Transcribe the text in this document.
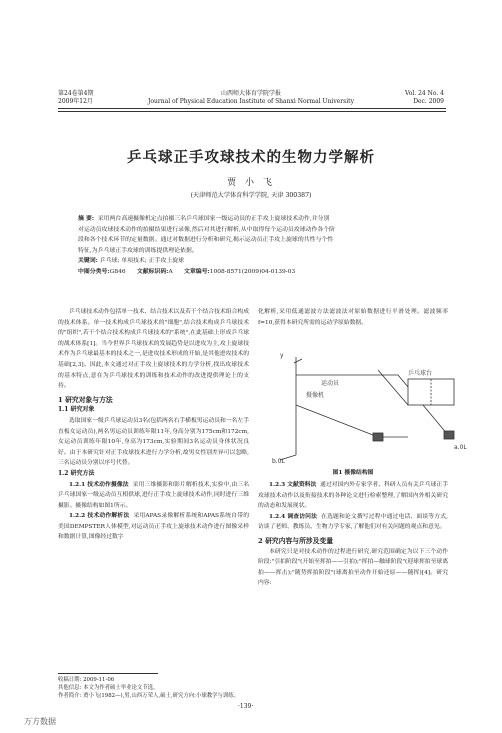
第24卷第4期
2009年12月
山西师大体育学院学报
Journal of Physical Education Institute of Shanxi Normal University
Vol. 24 No. 4
Dec. 2009
乒乓球正手攻球技术的生物力学解析
贾 小 飞
(天津师范大学体育科学学院, 天津 300387)
摘 要: 采用两台高速摄像机定点拍摄三名乒乓球国家一级运动员的正手攻上旋球技术动作,并分别
对运动员攻球技术动作的拍摄结果进行录像,然后对其进行解析,从中取得每个运动员攻球动作各个阶
段和各个技术环节的定量数据。通过对数据进行分析和研究,揭示运动员正手攻上旋球的共性与个性
特征,为乒乓球正手攻球的训练提供理论依据。
关键词: 乒乓球; 单项技术; 正手攻上旋球
中图分类号:G846 文献标识码:A 文章编号:1008-8571(2009)04-0139-03

乒乓球技术动作包括单一技术、结合技术以及若干个结合技术组合构成的技术体系。单一技术构成乒乓球技术的"细胞",结合技术构成乒乓球技术的"组织",若干个结合技术构成乒乓球技术的"系统",在此基础上形成乒乓球的战术体系[1]。当今世界乒乓球技术的发展趋势是以进攻为主,攻上旋球技术作为乒乓球最基本的技术之一,是进攻技术形成的开始,是其他进攻技术的基础[2,3]。因此,本文通过对正手攻上旋球技术的力学分析,找出攻球技术的基本特点,意在为乒乓球技术的训练和技术动作的改进提供理论上的支持。

1 研究对象与方法
1.1 研究对象

选取国家一级乒乓球运动员3名(包括两名右手横板男运动员和一名左手直板女运动员),两名男运动员训练年限11年,身高分别为175cm和172cm,女运动员训练年限10年,身高为173cm,实验期间3名运动员身体状况良好。由于本研究针对正手攻球技术进行力学分析,故男女性别差异可以忽略,三名运动员分别以序号代替。

1.2 研究方法

1.2.1 技术动作摄像法 采用三维摄影和影片解析技术,实验中,由三名乒乓球国家一级运动员互相供球,进行正手攻上旋球技术动作,同时进行三维摄影。摄像结构如图1所示。

1.2.2 技术动作解析法 采用APAS录像解析系统和APAS系统自带的美国DEMPSTER人体模型,对运动员正手攻上旋球技术动作进行图像采样和数据计算,图像经过数字

化解析,采用低通滤波方法滤波法对原始数据进行平滑处理。滤波频率f=10,获得本研究所需的运动学原始数据。
y
运动员
乒乓球台
摄像机
b.0L
a.0L
图1 摄像结构图

1.2.3 文献资料法 通过对国内外专家学者、科研人员有关乒乓球正手攻球技术动作以及衔接技术的各种论文进行检索整理,了解国内外相关研究的动态和发展现状。

1.2.4 调查访问法 在选题和论文撰写过程中通过电话、面谈等方式,访谈了老师、教练员、生物力学专家,了解他们对有关问题的观点和意见。

2 研究内容与所涉及变量

本研究只是对技术动作的过程进行研究,研究范围确定为以下三个动作阶段:"引拍阶段"(开始至挥拍——引拍);"挥拍—触球阶段"(迎球挥拍至球离拍——挥击);"随势挥拍阶段"(球离拍至动作开始还原——随挥)[4]。研究内容:

收稿日期: 2009-11-06
其他信息: 本文为作者硕士毕业论文节选。
作者简介: 贾小飞(1982—),男,山西万荣人,硕士,研究方向:小球教学与训练。
·139·
万方数据
